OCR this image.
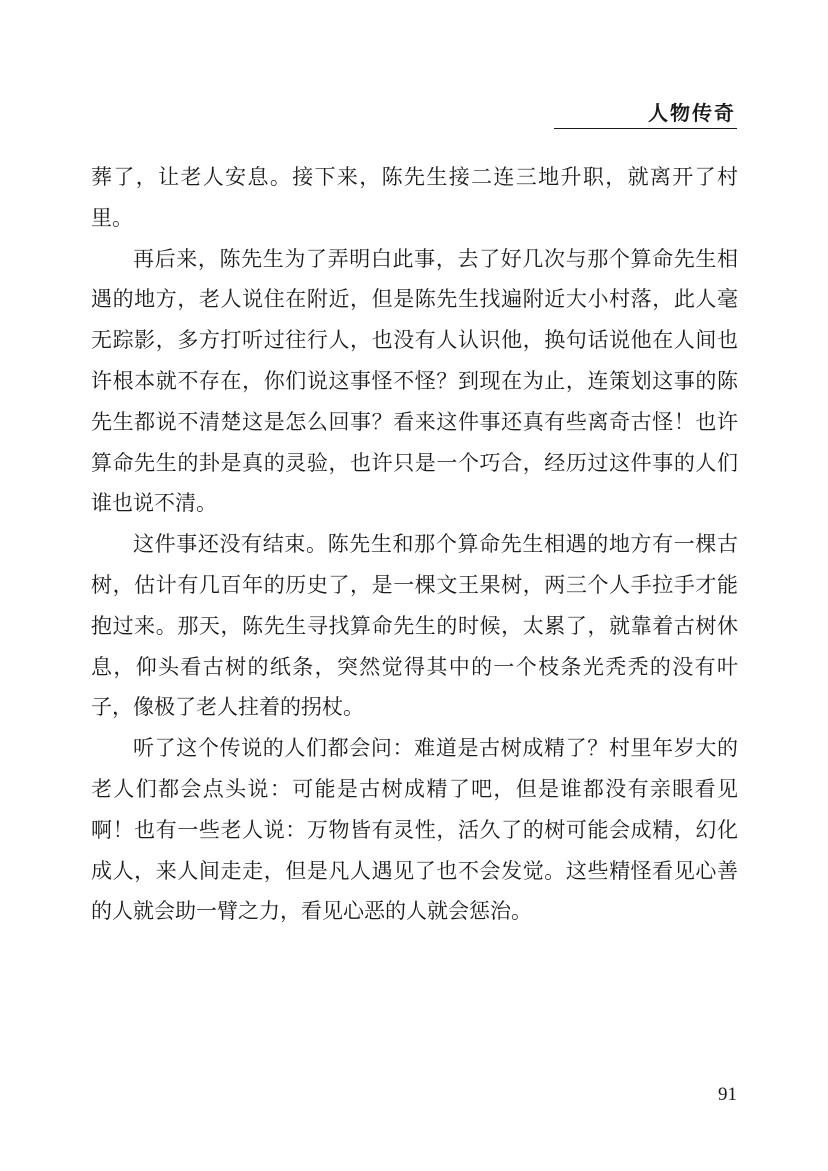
人物传奇

葬了，让老人安息。接下来，陈先生接二连三地升职，就离开了村里。

再后来，陈先生为了弄明白此事，去了好几次与那个算命先生相遇的地方，老人说住在附近，但是陈先生找遍附近大小村落，此人毫无踪影，多方打听过往行人，也没有人认识他，换句话说他在人间也许根本就不存在，你们说这事怪不怪？到现在为止，连策划这事的陈先生都说不清楚这是怎么回事？看来这件事还真有些离奇古怪！也许算命先生的卦是真的灵验，也许只是一个巧合，经历过这件事的人们谁也说不清。

这件事还没有结束。陈先生和那个算命先生相遇的地方有一棵古树，估计有几百年的历史了，是一棵文王果树，两三个人手拉手才能抱过来。那天，陈先生寻找算命先生的时候，太累了，就靠着古树休息，仰头看古树的纸条，突然觉得其中的一个枝条光秃秃的没有叶子，像极了老人拄着的拐杖。

听了这个传说的人们都会问：难道是古树成精了？村里年岁大的老人们都会点头说：可能是古树成精了吧，但是谁都没有亲眼看见啊！也有一些老人说：万物皆有灵性，活久了的树可能会成精，幻化成人，来人间走走，但是凡人遇见了也不会发觉。这些精怪看见心善的人就会助一臂之力，看见心恶的人就会惩治。

91
